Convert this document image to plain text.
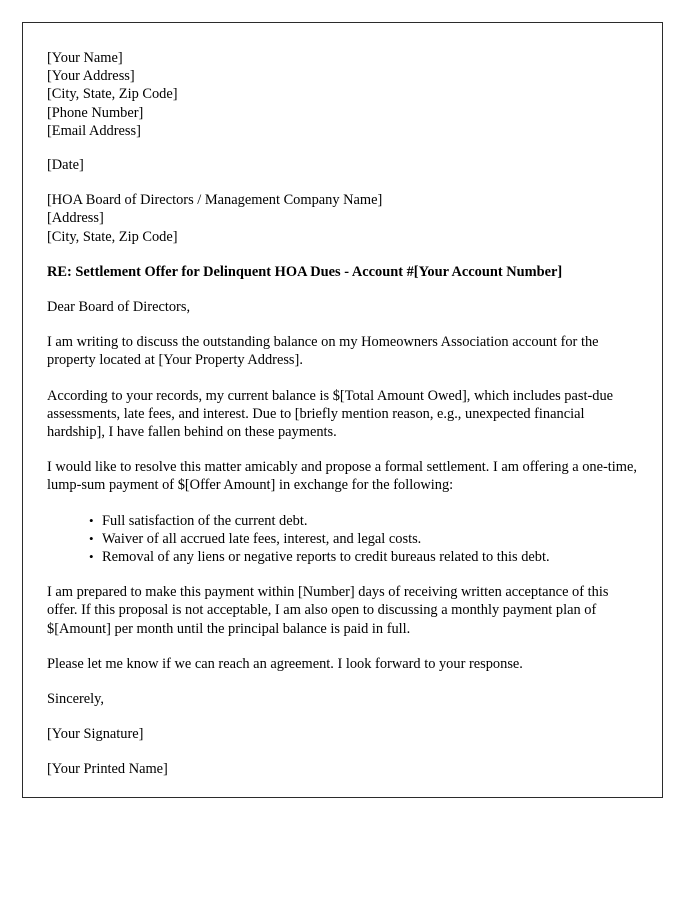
[Your Name]
[Your Address]
[City, State, Zip Code]
[Phone Number]
[Email Address]
[Date]
[HOA Board of Directors / Management Company Name]
[Address]
[City, State, Zip Code]
RE: Settlement Offer for Delinquent HOA Dues - Account #[Your Account Number]
Dear Board of Directors,

I am writing to discuss the outstanding balance on my Homeowners Association account for the property located at [Your Property Address].

According to your records, my current balance is $[Total Amount Owed], which includes past-due assessments, late fees, and interest. Due to [briefly mention reason, e.g., unexpected financial hardship], I have fallen behind on these payments.

I would like to resolve this matter amicably and propose a formal settlement. I am offering a one-time, lump-sum payment of $[Offer Amount] in exchange for the following:

• Full satisfaction of the current debt.
• Waiver of all accrued late fees, interest, and legal costs.
• Removal of any liens or negative reports to credit bureaus related to this debt.

I am prepared to make this payment within [Number] days of receiving written acceptance of this offer. If this proposal is not acceptable, I am also open to discussing a monthly payment plan of $[Amount] per month until the principal balance is paid in full.

Please let me know if we can reach an agreement. I look forward to your response.

Sincerely,
[Your Signature]
[Your Printed Name]
